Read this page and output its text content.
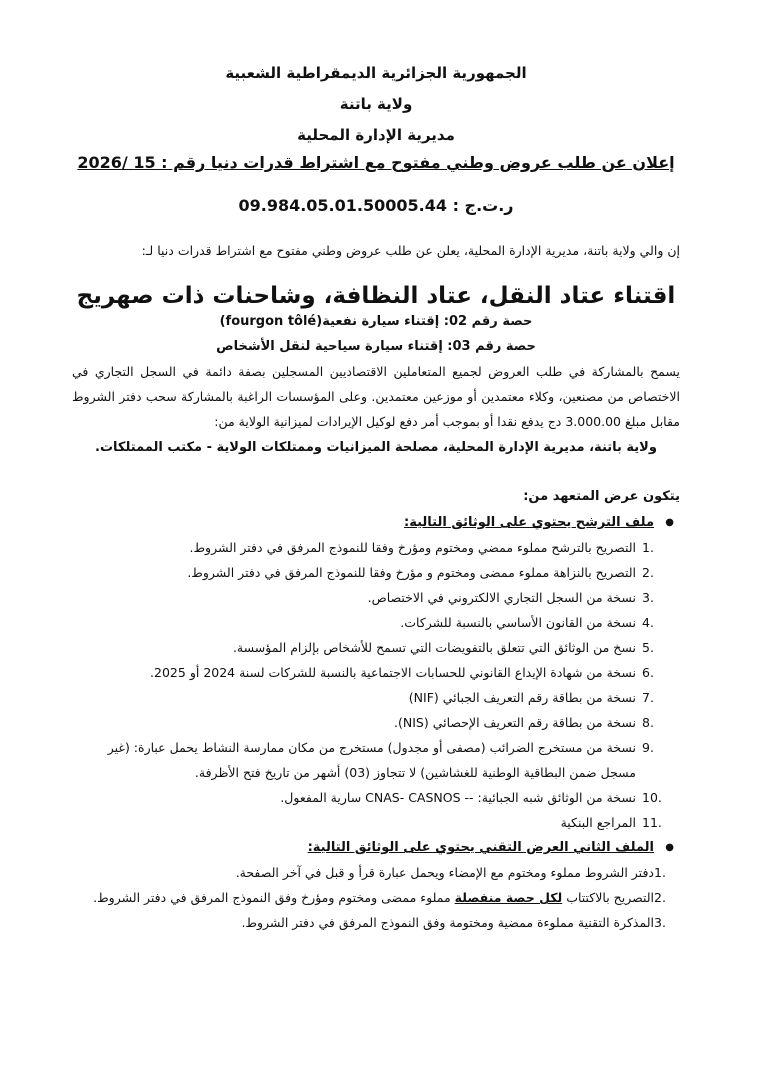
الجمهورية الجزائرية الديمقراطية الشعبية
ولاية باتنة
مديرية الإدارة المحلية
إعلان عن طلب عروض وطني مفتوح مع اشتراط قدرات دنيا رقم : 15 /2026
ر.ت.ج : 09.984.05.01.50005.44
إن والي ولاية باتنة، مديرية الإدارة المحلية، يعلن عن طلب عروض وطني مفتوح مع اشتراط قدرات دنيا لـ:
اقتناء عتاد النقل، عتاد النظافة، وشاحنات ذات صهريج
حصة رقم 02: إقتناء سيارة نفعية(fourgon tôlé)
حصة رقم 03: إقتناء سيارة سياحية لنقل الأشخاص
يسمح بالمشاركة في طلب العروض لجميع المتعاملين الاقتصاديين المسجلين بصفة دائمة في السجل التجاري في الاختصاص من مصنعين، وكلاء معتمدين أو موزعين معتمدين. وعلى المؤسسات الراغبة بالمشاركة سحب دفتر الشروط مقابل مبلغ 3.000.00 دج يدفع نقدا أو بموجب أمر دفع لوكيل الإيرادات لميزانية الولاية من:
ولاية باتنة، مديرية الإدارة المحلية، مصلحة الميزانيات وممتلكات الولاية - مكتب الممتلكات.
يتكون عرض المتعهد من:
● ملف الترشح يحتوي على الوثائق التالية:
1.
التصريح بالترشح مملوء ممضي ومختوم ومؤرخ وفقا للنموذج المرفق في دفتر الشروط.
2.
التصريح بالنزاهة مملوء ممضى ومختوم و مؤرخ وفقا للنموذج المرفق في دفتر الشروط.
3.
نسخة من السجل التجاري الالكتروني في الاختصاص.
4.
نسخة من القانون الأساسي بالنسبة للشركات.
5.
نسخ من الوثائق التي تتعلق بالتفويضات التي تسمح للأشخاص بإلزام المؤسسة.
6.
نسخة من شهادة الإيداع القانوني للحسابات الاجتماعية بالنسبة للشركات لسنة 2024 أو 2025.
7.
نسخة من بطاقة رقم التعريف الجبائي (NIF)
8.
نسخة من بطاقة رقم التعريف الإحصائي (NIS).
9.
نسخة من مستخرج الضرائب (مصفى أو مجدول) مستخرج من مكان ممارسة النشاط يحمل عبارة: (غير مسجل ضمن البطاقية الوطنية للغشاشين) لا تتجاوز (03) أشهر من تاريخ فتح الأظرفة.
10.
نسخة من الوثائق شبه الجبائية: -- CNAS- CASNOS سارية المفعول.
11.
المراجع البنكية
● الملف الثاني العرض التقني يحتوي على الوثائق التالية:
1.
دفتر الشروط مملوء ومختوم مع الإمضاء ويحمل عبارة قرأ و قبل في آخر الصفحة.
2.
التصريح بالاكتتاب لكل حصة منفصلة مملوء ممضى ومختوم ومؤرخ وفق النموذج المرفق في دفتر الشروط.
3.
المذكرة التقنية مملوءة ممضية ومختومة وفق النموذج المرفق في دفتر الشروط.
